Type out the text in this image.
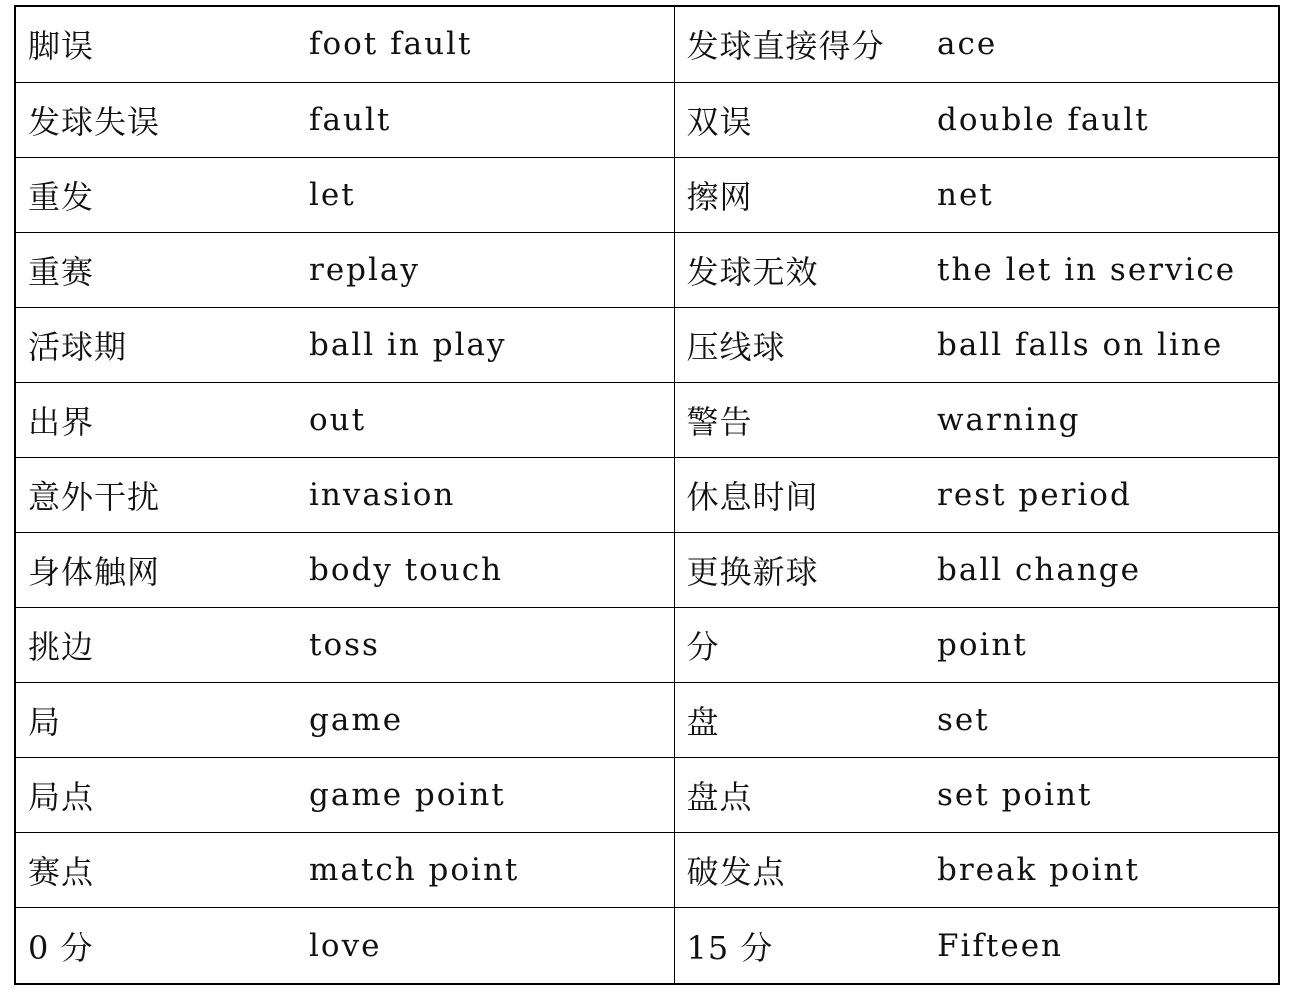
脚误	foot fault	发球直接得分	ace
发球失误	fault	双误	double fault
重发	let	擦网	net
重赛	replay	发球无效	the let in service
活球期	ball in play	压线球	ball falls on line
出界	out	警告	warning
意外干扰	invasion	休息时间	rest period
身体触网	body touch	更换新球	ball change
挑边	toss	分	point
局	game	盘	set
局点	game point	盘点	set point
赛点	match point	破发点	break point
0 分	love	15 分	Fifteen
